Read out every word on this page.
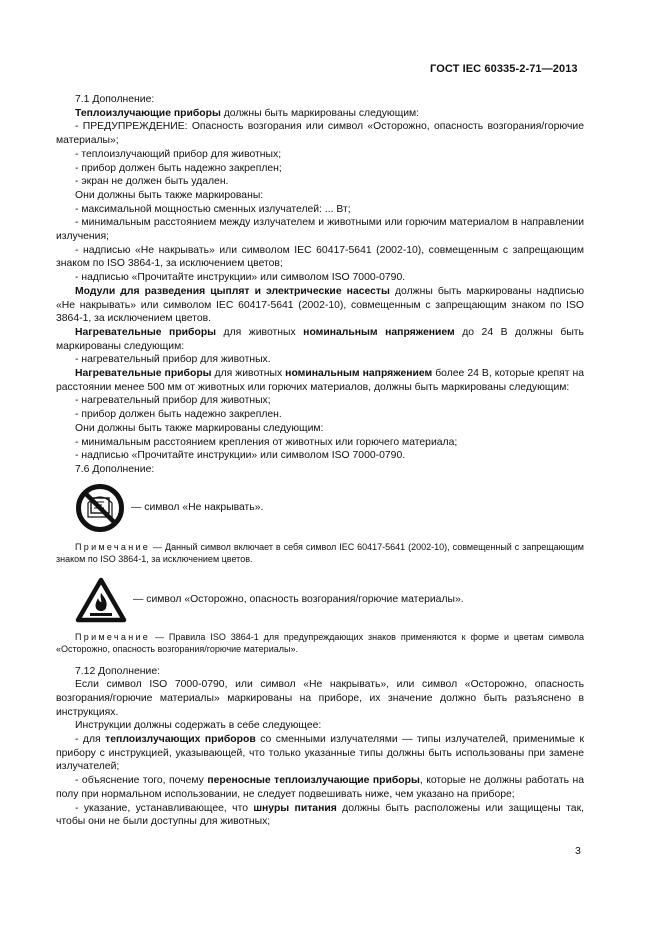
ГОСТ IEC 60335-2-71—2013

7.1 Дополнение:

Теплоизлучающие приборы должны быть маркированы следующим:

- ПРЕДУПРЕЖДЕНИЕ: Опасность возгорания или символ «Осторожно, опасность возгорания/горючие материалы»;

- теплоизлучающий прибор для животных;

- прибор должен быть надежно закреплен;

- экран не должен быть удален.

Они должны быть также маркированы:

- максимальной мощностью сменных излучателей: ... Вт;

- минимальным расстоянием между излучателем и животными или горючим материалом в направлении излучения;

- надписью «Не накрывать» или символом IEC 60417-5641 (2002-10), совмещенным с запрещающим знаком по ISO 3864-1, за исключением цветов;

- надписью «Прочитайте инструкции» или символом ISO 7000-0790.

Модули для разведения цыплят и электрические насесты должны быть маркированы надписью «Не накрывать» или символом IEC 60417-5641 (2002-10), совмещенным с запрещающим знаком по ISO 3864-1, за исключением цветов.

Нагревательные приборы для животных номинальным напряжением до 24 В должны быть маркированы следующим:

- нагревательный прибор для животных.

Нагревательные приборы для животных номинальным напряжением более 24 В, которые крепят на расстоянии менее 500 мм от животных или горючих материалов, должны быть маркированы следующим:

- нагревательный прибор для животных;

- прибор должен быть надежно закреплен.

Они должны быть также маркированы следующим:

- минимальным расстоянием крепления от животных или горючего материала;

- надписью «Прочитайте инструкции» или символом ISO 7000-0790.

7.6 Дополнение:

— символ «Не накрывать».

Примечание — Данный символ включает в себя символ IEC 60417-5641 (2002-10), совмещенный с запрещающим знаком по ISO 3864-1, за исключением цветов.

— символ «Осторожно, опасность возгорания/горючие материалы».

Примечание — Правила ISO 3864-1 для предупреждающих знаков применяются к форме и цветам символа «Осторожно, опасность возгорания/горючие материалы».

7.12 Дополнение:

Если символ ISO 7000-0790, или символ «Не накрывать», или символ «Осторожно, опасность возгорания/горючие материалы» маркированы на приборе, их значение должно быть разъяснено в инструкциях.

Инструкции должны содержать в себе следующее:

- для теплоизлучающих приборов со сменными излучателями — типы излучателей, применимые к прибору с инструкцией, указывающей, что только указанные типы должны быть использованы при замене излучателей;

- объяснение того, почему переносные теплоизлучающие приборы, которые не должны работать на полу при нормальном использовании, не следует подвешивать ниже, чем указано на приборе;

- указание, устанавливающее, что шнуры питания должны быть расположены или защищены так, чтобы они не были доступны для животных;

3
